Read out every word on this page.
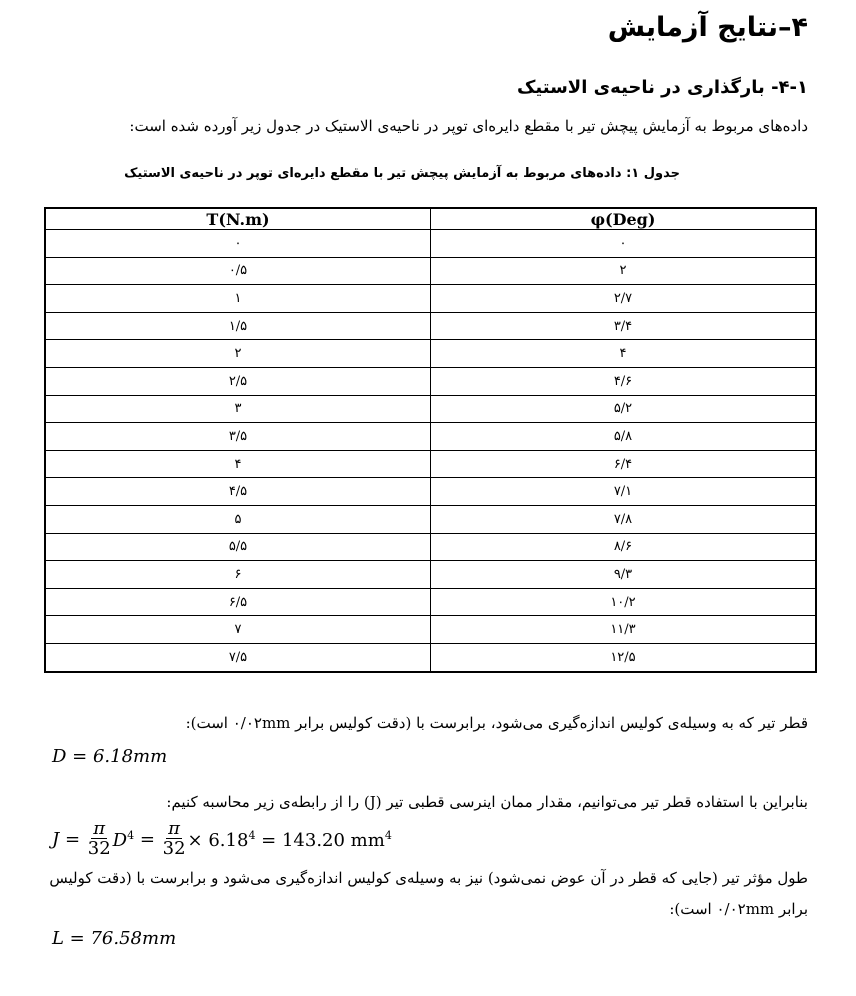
۴–نتایج آزمایش
۴-۱- بارگذاری در ناحیه‌ی الاستیک
داده‌های مربوط به آزمایش پیچش تیر با مقطع دایره‌ای توپر در ناحیه‌ی الاستیک در جدول زیر آورده شده است:
جدول ۱: داده‌های مربوط به آزمایش پیچش تیر با مقطع دایره‌ای توپر در ناحیه‌ی الاستیک
T(N.m)	φ(Deg)
۰	۰
۰/۵	۲
۱	۲/۷
۱/۵	۳/۴
۲	۴
۲/۵	۴/۶
۳	۵/۲
۳/۵	۵/۸
۴	۶/۴
۴/۵	۷/۱
۵	۷/۸
۵/۵	۸/۶
۶	۹/۳
۶/۵	۱۰/۲
۷	۱۱/۳
۷/۵	۱۲/۵
قطر تیر که به وسیله‌ی کولیس اندازه‌گیری می‌شود، برابرست با (دقت کولیس برابر ۰/۰۲mm است):
D = 6.18mm
بنابراین با استفاده قطر تیر می‌توانیم، مقدار ممان اینرسی قطبی تیر (J) را از رابطه‌ی زیر محاسبه کنیم:
J =
$\frac{\pi}{32} D^4 = \frac{\pi}{32} \times 6.18^4$
= 143.20 $mm^4$
طول مؤثر تیر (جایی که قطر در آن عوض نمی‌شود) نیز به وسیله‌ی کولیس اندازه‌گیری می‌شود و برابرست با (دقت کولیس
برابر ۰/۰۲mm است):
L = 76.58mm
